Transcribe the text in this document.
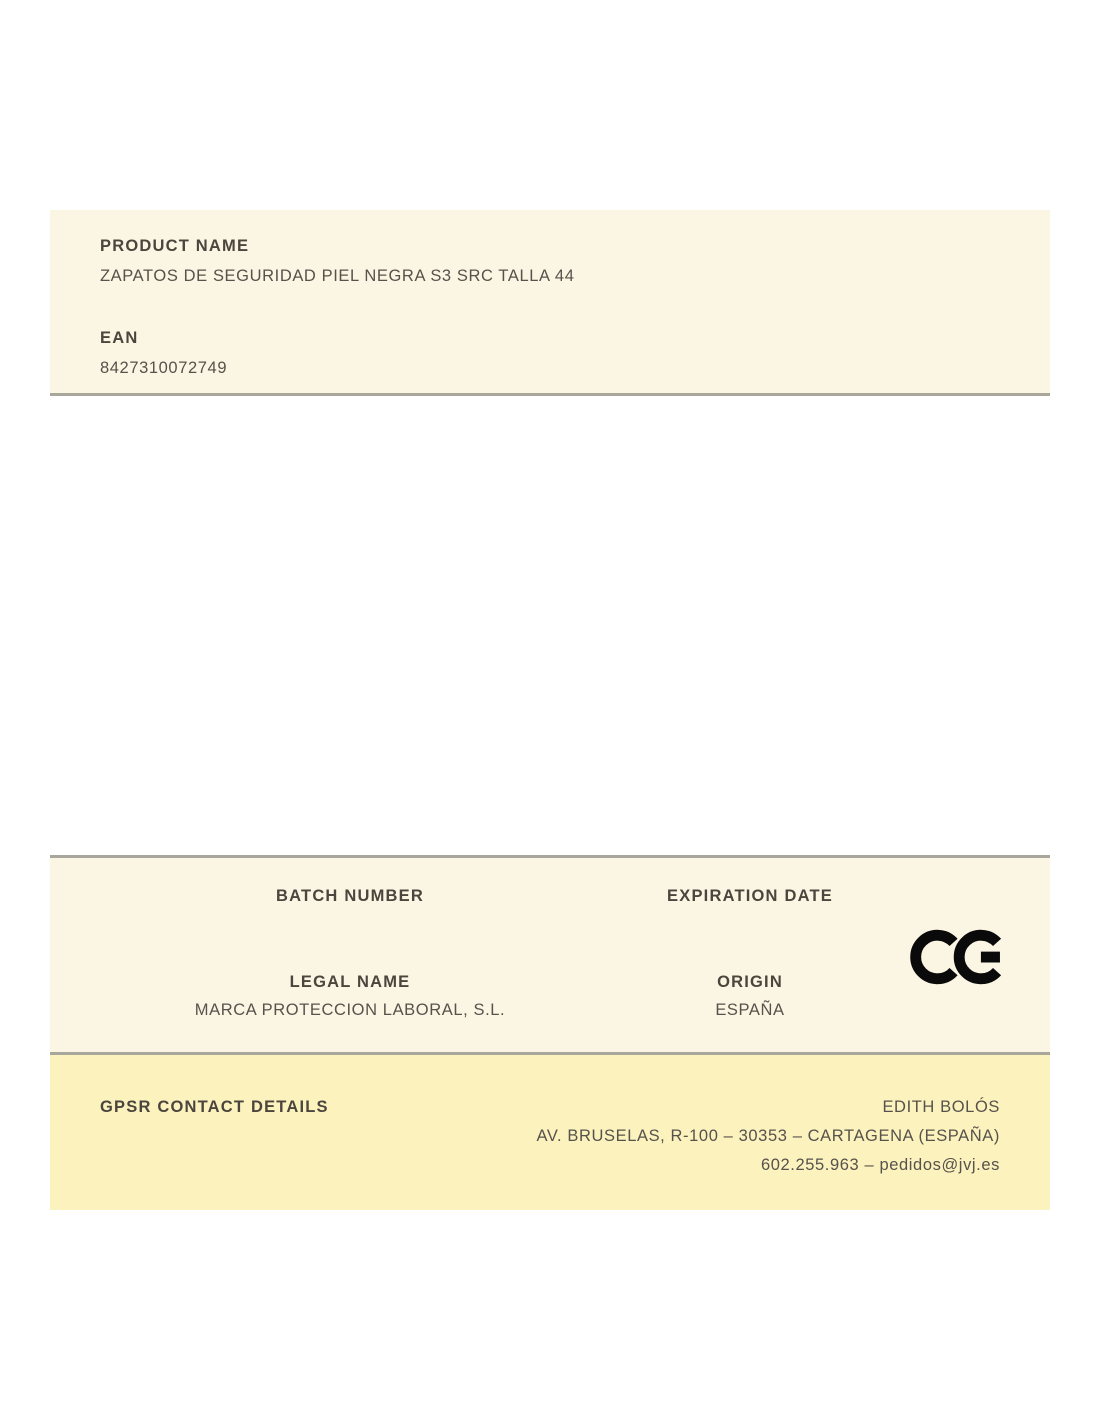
PRODUCT NAME
ZAPATOS DE SEGURIDAD PIEL NEGRA S3 SRC TALLA 44
EAN
8427310072749
BATCH NUMBER	EXPIRATION DATE
LEGAL NAME
MARCA PROTECCION LABORAL, S.L.
ORIGIN
ESPAÑA
GPSR CONTACT DETAILS	EDITH BOLÓS
AV. BRUSELAS, R-100 – 30353 – CARTAGENA (ESPAÑA)
602.255.963 – pedidos@jvj.es
